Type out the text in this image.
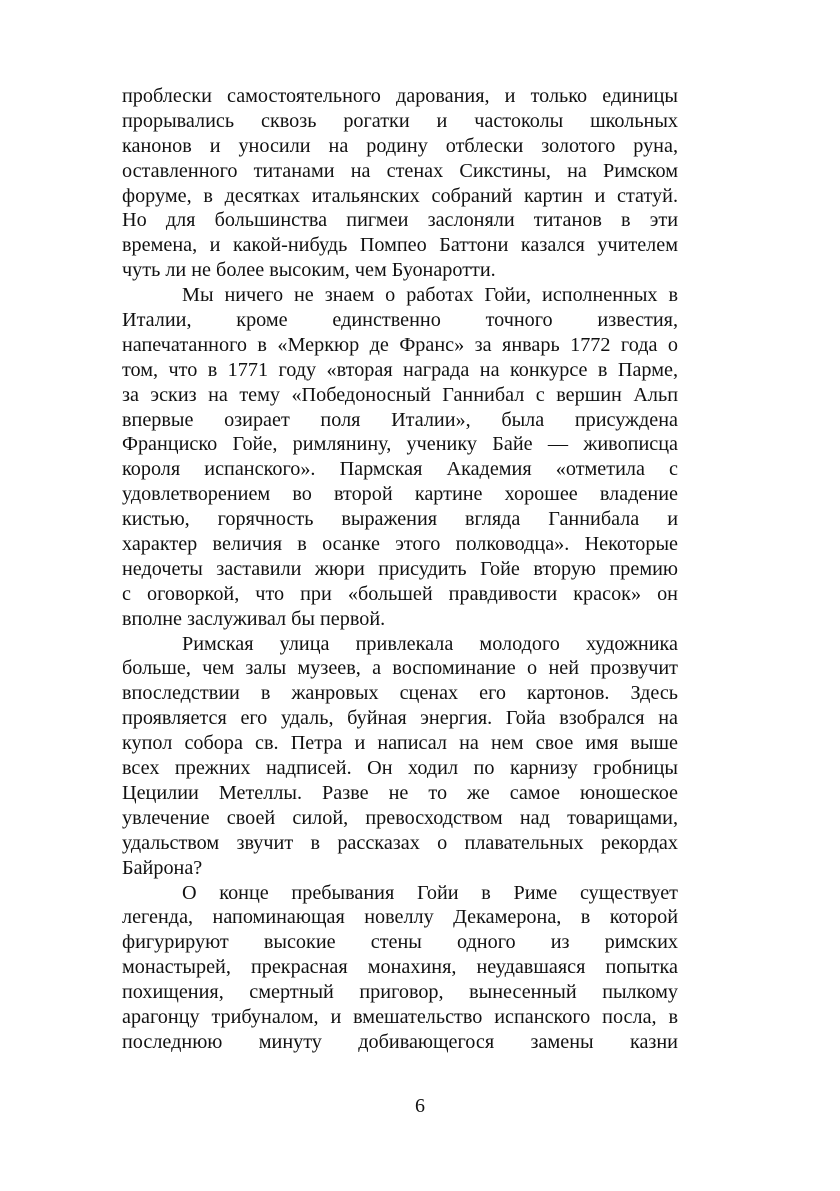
проблески самостоятельного дарования, и только единицы
прорывались сквозь рогатки и частоколы школьных
канонов и уносили на родину отблески золотого руна,
оставленного титанами на стенах Сикстины, на Римском
форуме, в десятках итальянских собраний картин и статуй.
Но для большинства пигмеи заслоняли титанов в эти
времена, и какой-нибудь Помпео Баттони казался учителем
чуть ли не более высоким, чем Буонаротти.
Мы ничего не знаем о работах Гойи, исполненных в
Италии, кроме единственно точного известия,
напечатанного в «Меркюр де Франс» за январь 1772 года о
том, что в 1771 году «вторая награда на конкурсе в Парме,
за эскиз на тему «Победоносный Ганнибал с вершин Альп
впервые озирает поля Италии», была присуждена
Франциско Гойе, римлянину, ученику Байе — живописца
короля испанского». Пармская Академия «отметила с
удовлетворением во второй картине хорошее владение
кистью, горячность выражения вгляда Ганнибала и
характер величия в осанке этого полководца». Некоторые
недочеты заставили жюри присудить Гойе вторую премию
с оговоркой, что при «большей правдивости красок» он
вполне заслуживал бы первой.
Римская улица привлекала молодого художника
больше, чем залы музеев, а воспоминание о ней прозвучит
впоследствии в жанровых сценах его картонов. Здесь
проявляется его удаль, буйная энергия. Гойа взобрался на
купол собора св. Петра и написал на нем свое имя выше
всех прежних надписей. Он ходил по карнизу гробницы
Цецилии Метеллы. Разве не то же самое юношеское
увлечение своей силой, превосходством над товарищами,
удальством звучит в рассказах о плавательных рекордах
Байрона?
О конце пребывания Гойи в Риме существует
легенда, напоминающая новеллу Декамерона, в которой
фигурируют высокие стены одного из римских
монастырей, прекрасная монахиня, неудавшаяся попытка
похищения, смертный приговор, вынесенный пылкому
арагонцу трибуналом, и вмешательство испанского посла, в
последнюю минуту добивающегося замены казни
6
